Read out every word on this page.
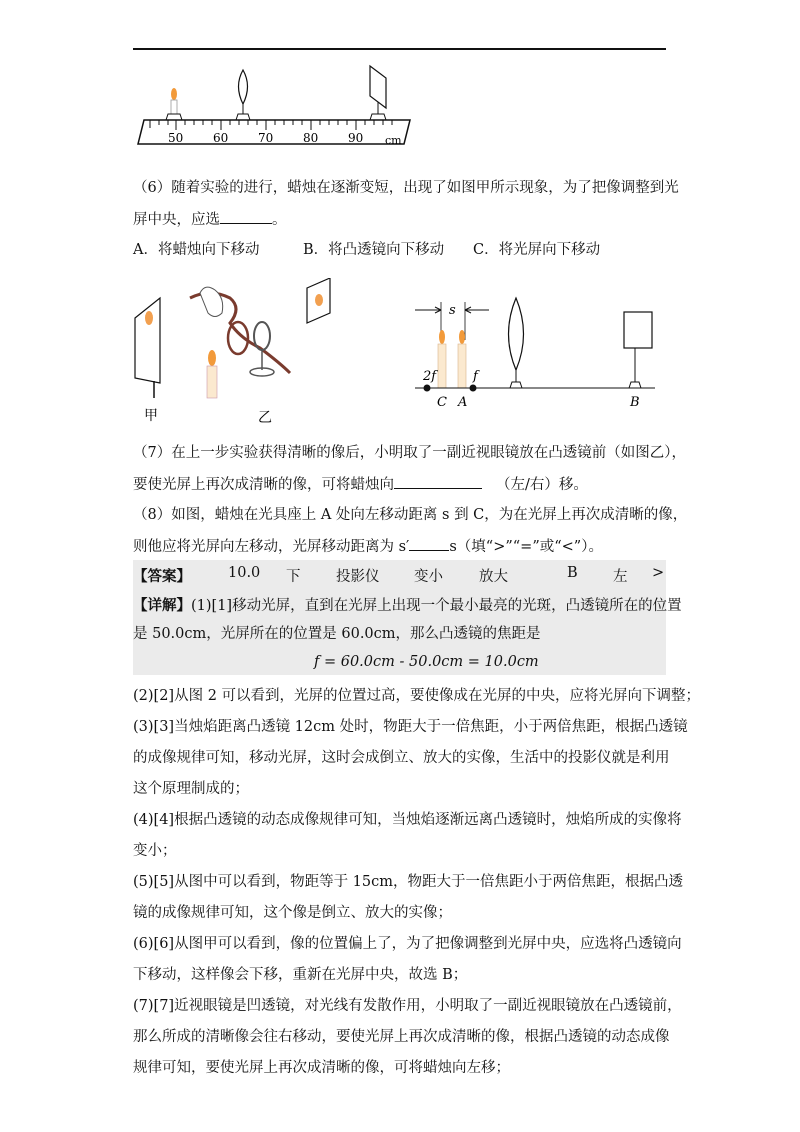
50 60 70 80 90 cm
（6）随着实验的进行，蜡烛在逐渐变短，出现了如图甲所示现象，为了把像调整到光
屏中央，应选	。
A．将蜡烛向下移动	B．将凸透镜向下移动 C．将光屏向下移动
甲	乙
s
2f	f
C A	B
（7）在上一步实验获得清晰的像后，小明取了一副近视眼镜放在凸透镜前（如图乙），
要使光屏上再次成清晰的像，可将蜡烛向	（左/右）移。
（8）如图，蜡烛在光具座上 A 处向左移动距离 s 到 C，为在光屏上再次成清晰的像，
则他应将光屏向左移动，光屏移动距离为 s′	s（填“>”“=”或“<”）。
【答案】	10.0 下 投影仪 变小 放大	B 左 >
【详解】(1)[1]移动光屏，直到在光屏上出现一个最小最亮的光斑，凸透镜所在的位置
是 50.0cm，光屏所在的位置是 60.0cm，那么凸透镜的焦距是
f = 60.0cm - 50.0cm = 10.0cm
(2)[2]从图 2 可以看到，光屏的位置过高，要使像成在光屏的中央，应将光屏向下调整；
(3)[3]当烛焰距离凸透镜 12cm 处时，物距大于一倍焦距，小于两倍焦距，根据凸透镜
的成像规律可知，移动光屏，这时会成倒立、放大的实像，生活中的投影仪就是利用
这个原理制成的；
(4)[4]根据凸透镜的动态成像规律可知，当烛焰逐渐远离凸透镜时，烛焰所成的实像将
变小；
(5)[5]从图中可以看到，物距等于 15cm，物距大于一倍焦距小于两倍焦距，根据凸透
镜的成像规律可知，这个像是倒立、放大的实像；
(6)[6]从图甲可以看到，像的位置偏上了，为了把像调整到光屏中央，应选将凸透镜向
下移动，这样像会下移，重新在光屏中央，故选 B；
(7)[7]近视眼镜是凹透镜，对光线有发散作用，小明取了一副近视眼镜放在凸透镜前，
那么所成的清晰像会往右移动，要使光屏上再次成清晰的像，根据凸透镜的动态成像
规律可知，要使光屏上再次成清晰的像，可将蜡烛向左移；
